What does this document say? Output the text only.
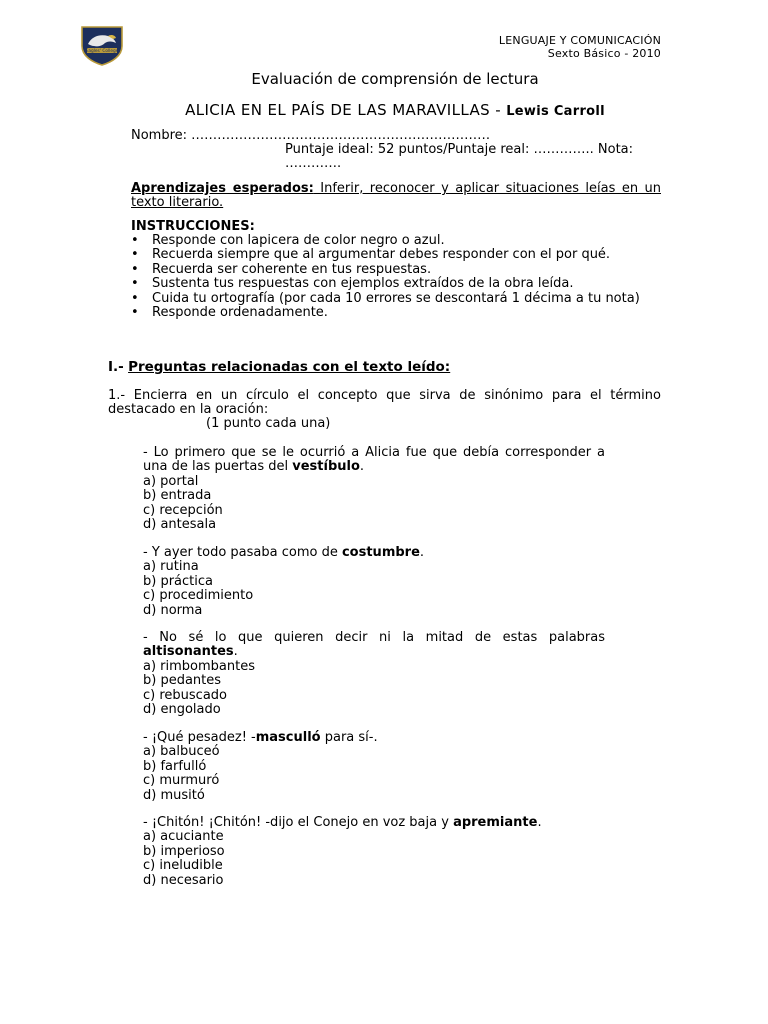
Eagles' College
LENGUAJE Y COMUNICACIÓN
Sexto Básico - 2010
Evaluación de comprensión de lectura
ALICIA EN EL PAÍS DE LAS MARAVILLAS - Lewis Carroll
Nombre: ……………………………………………………………
Puntaje ideal: 52 puntos/Puntaje real: ………….. Nota:
………….
Aprendizajes esperados: Inferir, reconocer y aplicar situaciones leías en un texto literario.
INSTRUCCIONES:
• Responde con lapicera de color negro o azul.
• Recuerda siempre que al argumentar debes responder con el por qué.
• Recuerda ser coherente en tus respuestas.
• Sustenta tus respuestas con ejemplos extraídos de la obra leída.
• Cuida tu ortografía (por cada 10 errores se descontará 1 décima a tu nota)
• Responde ordenadamente.
I.- Preguntas relacionadas con el texto leído:
1.- Encierra en un círculo el concepto que sirva de sinónimo para el término destacado en la oración:
(1 punto cada una)
- Lo primero que se le ocurrió a Alicia fue que debía corresponder a una de las puertas del vestíbulo.
a) portal
b) entrada
c) recepción
d) antesala
- Y ayer todo pasaba como de costumbre.
a) rutina
b) práctica
c) procedimiento
d) norma
- No sé lo que quieren decir ni la mitad de estas palabras altisonantes.
a) rimbombantes
b) pedantes
c) rebuscado
d) engolado
- ¡Qué pesadez! -masculló para sí-.
a) balbuceó
b) farfulló
c) murmuró
d) musitó
- ¡Chitón! ¡Chitón! -dijo el Conejo en voz baja y apremiante.
a) acuciante
b) imperioso
c) ineludible
d) necesario
